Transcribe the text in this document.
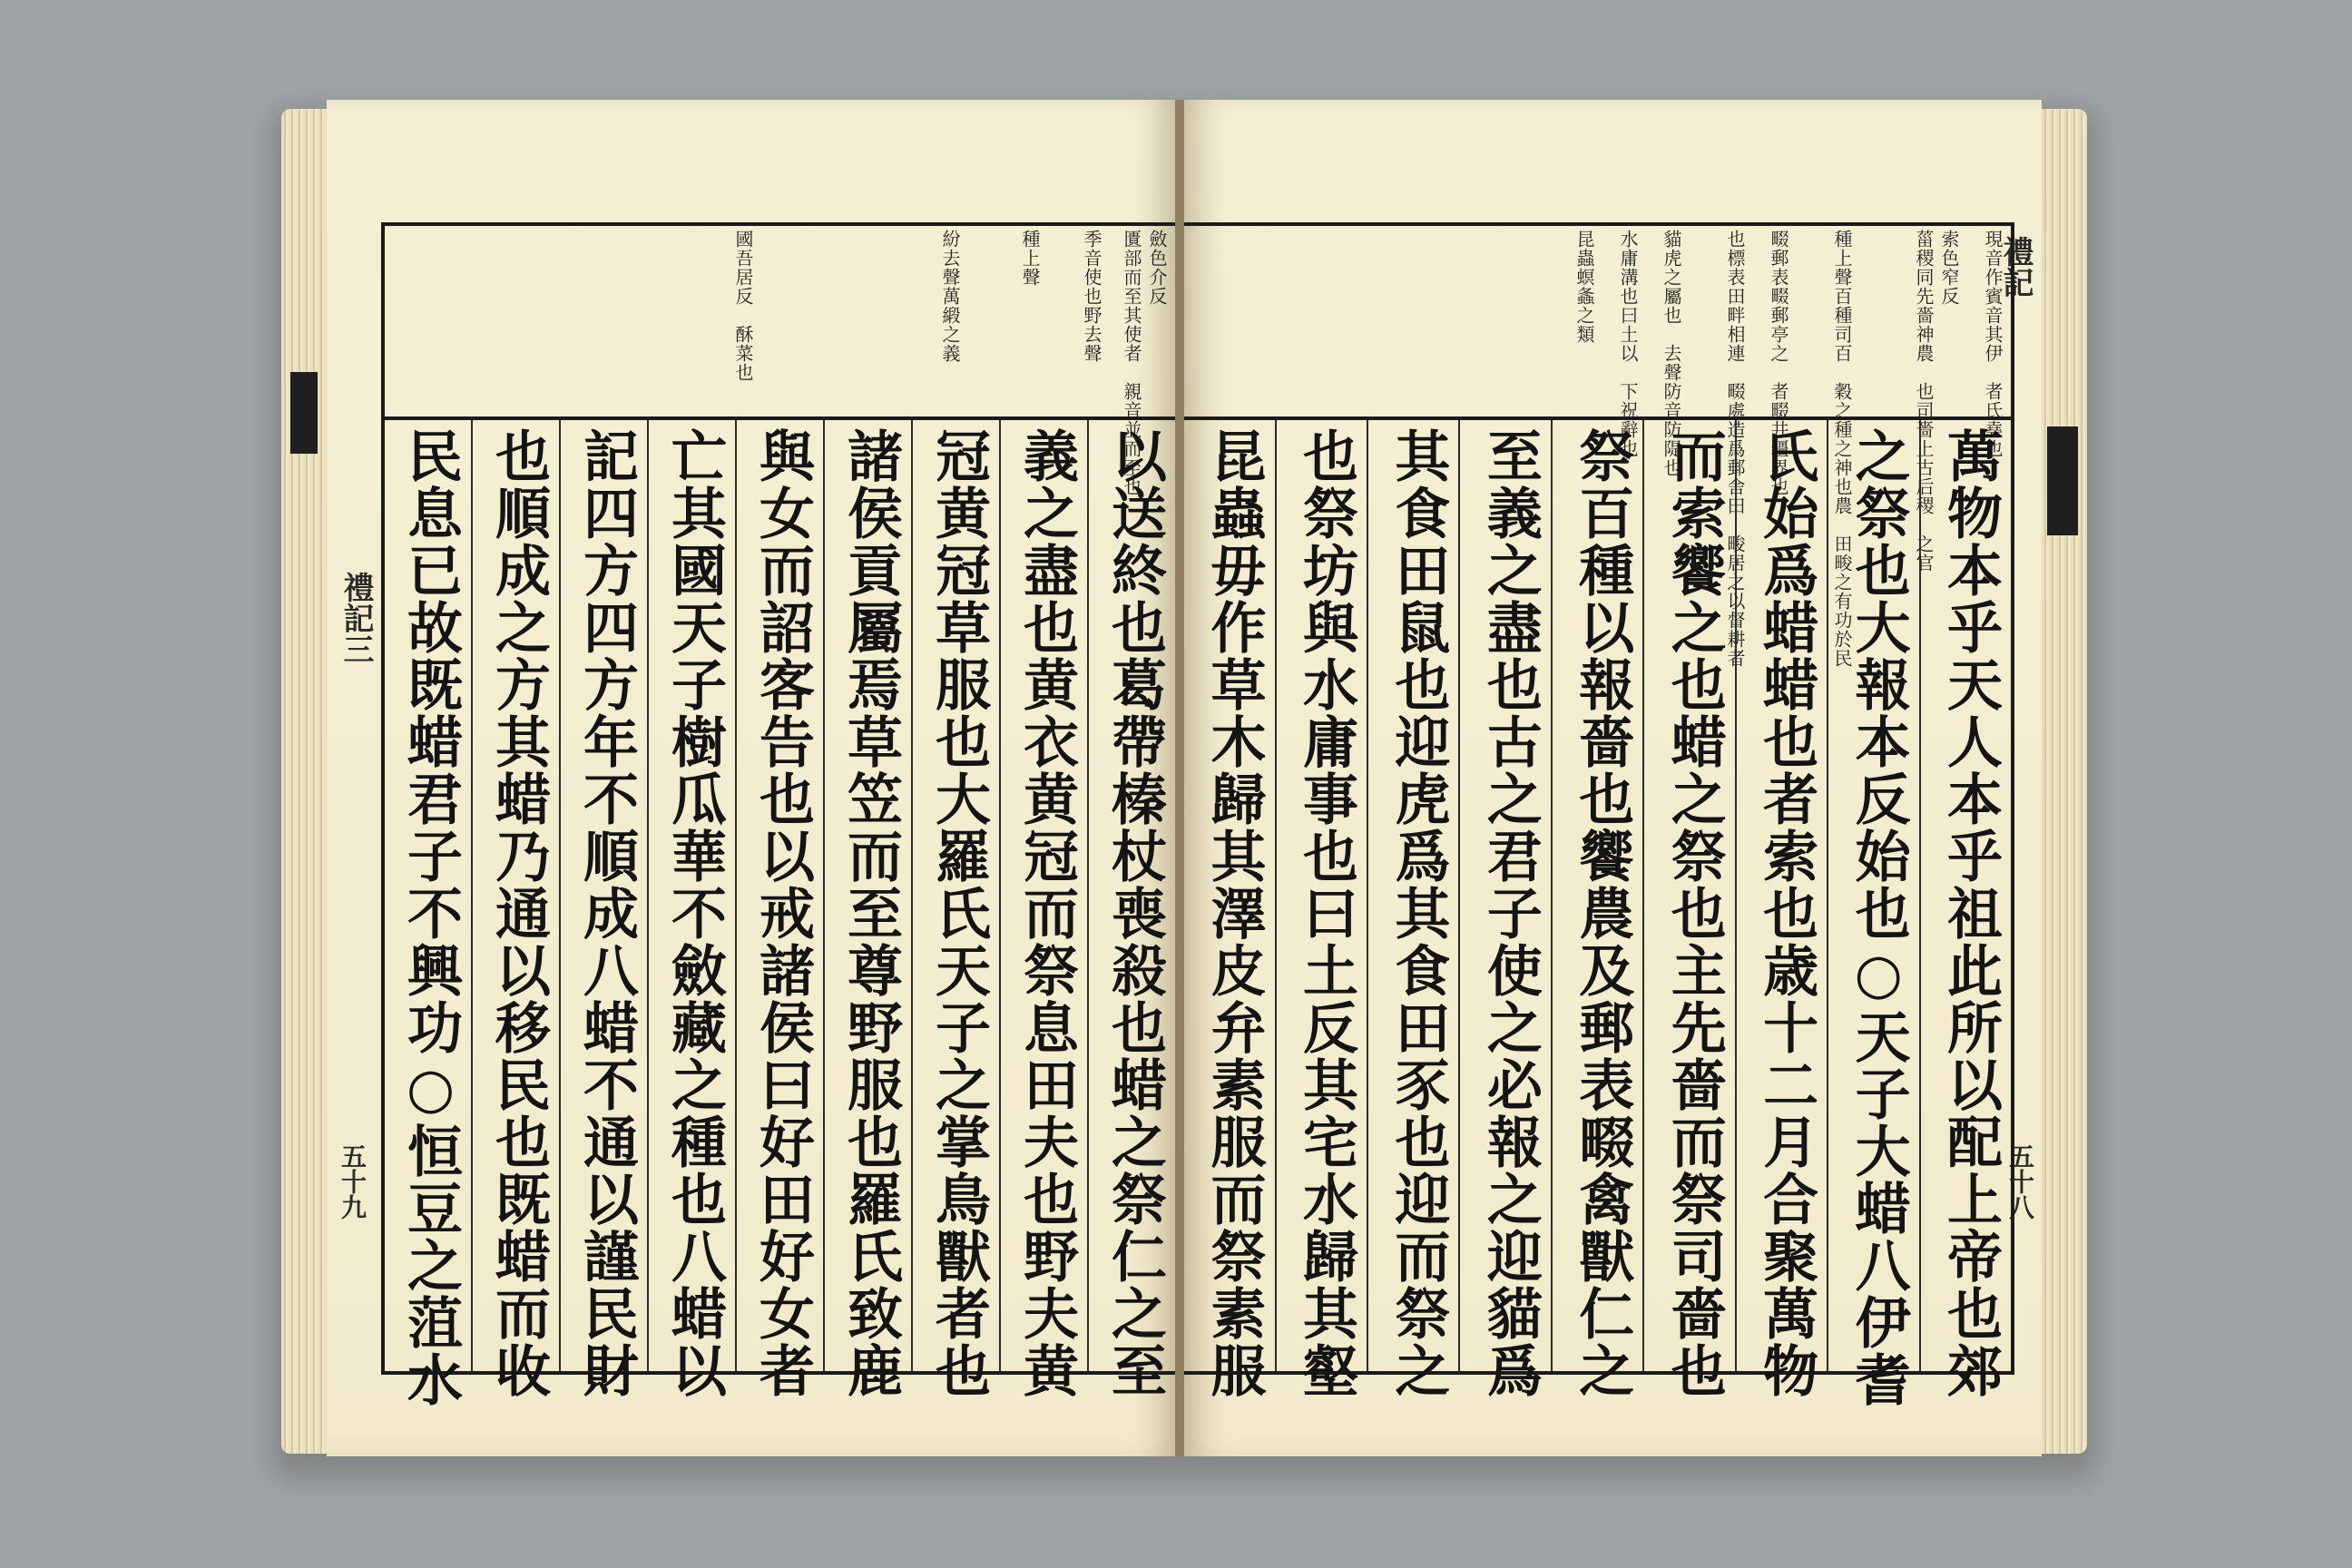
禮記三
五十九
斂色介反
匱部而至其使者　親音並而至也
季音使也野去聲
種上聲
紛去聲萬緞之義
國吾居反　酥菜也
以送終也葛帶榛杖喪殺也蜡之祭仁之至
義之盡也黄衣黄冠而祭息田夫也野夫黄
冠黄冠草服也大羅氏天子之掌鳥獸者也
諸侯貢屬焉草笠而至尊野服也羅氏致鹿
與女而詔客告也以戒諸侯曰好田好女者
亡其國天子樹瓜華不斂藏之種也八蜡以
記四方四方年不順成八蜡不通以謹民財
也順成之方其蜡乃通以移民也既蜡而收
民息已故既蜡君子不興功○恒豆之菹水
禮記
五十八
現音作賓音其伊　者氏堯也
索色窄反
菑稷同先嗇神農　也司嗇上古后稷　之官
種上聲百種司百　穀之種之神也農　田畯之有功於民
畷郵表畷郵亭之　者畷井疆界也
也標表田畔相連　畷處造爲郵舍田　畯居之以督耕者
貓虎之屬也　去聲防音防隄也
水庸溝也曰土以　下祝辭也
昆蟲螟螽之類
萬物本乎天人本乎祖此所以配上帝也郊
之祭也大報本反始也○天子大蜡八伊耆
氏始爲蜡蜡也者索也歳十二月合聚萬物
而索饗之也蜡之祭也主先嗇而祭司嗇也
祭百種以報嗇也饗農及郵表畷禽獸仁之
至義之盡也古之君子使之必報之迎貓爲
其食田鼠也迎虎爲其食田豕也迎而祭之
也祭坊與水庸事也曰土反其宅水歸其壑
昆蟲毋作草木歸其澤皮弁素服而祭素服
